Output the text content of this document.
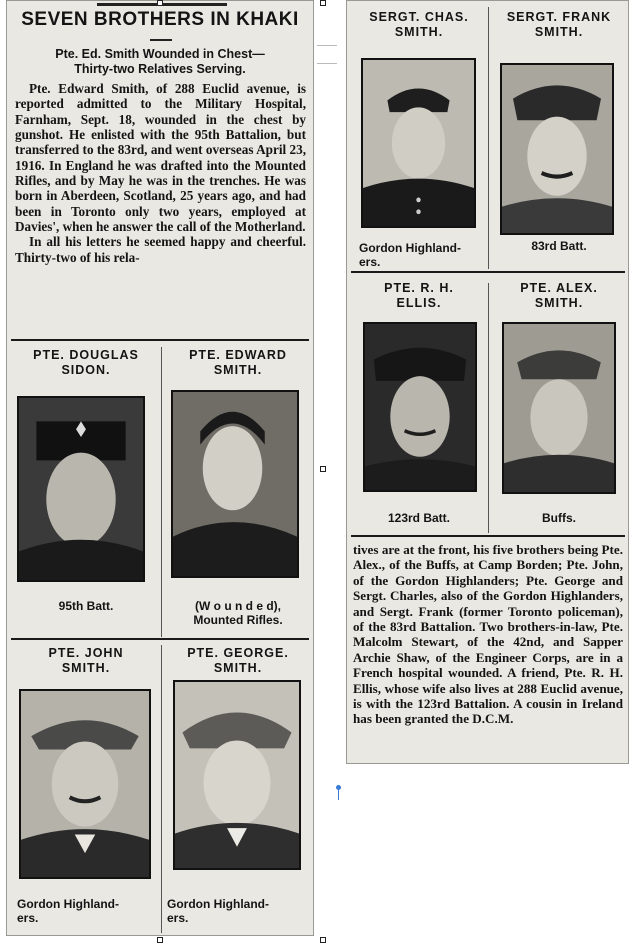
SEVEN BROTHERS IN KHAKI
Pte. Ed. Smith Wounded in Chest—
Thirty-two Relatives Serving.

Pte. Edward Smith, of 288 Euclid avenue, is reported admitted to the Military Hospital, Farnham, Sept. 18, wounded in the chest by gunshot. He enlisted with the 95th Battalion, but transferred to the 83rd, and went overseas April 23, 1916. In England he was drafted into the Mounted Rifles, and by May he was in the trenches. He was born in Aberdeen, Scotland, 25 years ago, and had been in Toronto only two years, employed at Davies', when he answer the call of the Motherland.

In all his letters he seemed happy and cheerful. Thirty-two of his rela-

PTE. DOUGLAS
SIDON.
95th Batt.
PTE. EDWARD
SMITH.
(W o u n d e d),
Mounted Rifles.
PTE. JOHN
SMITH.
Gordon Highland-
ers.
PTE. GEORGE.
SMITH.
Gordon Highland-
ers.
SERGT. CHAS.
SMITH.
Gordon Highland-
ers.
SERGT. FRANK
SMITH.
83rd Batt.
PTE. R. H.
ELLIS.
123rd Batt.
PTE. ALEX.
SMITH.
Buffs.
tives are at the front, his five brothers being Pte. Alex., of the Buffs, at Camp Borden; Pte. John, of the Gordon Highlanders; Pte. George and Sergt. Charles, also of the Gordon Highlanders, and Sergt. Frank (former Toronto policeman), of the 83rd Battalion. Two brothers-in-law, Pte. Malcolm Stewart, of the 42nd, and Sapper Archie Shaw, of the Engineer Corps, are in a French hospital wounded. A friend, Pte. R. H. Ellis, whose wife also lives at 288 Euclid avenue, is with the 123rd Battalion. A cousin in Ireland has been granted the D.C.M.
